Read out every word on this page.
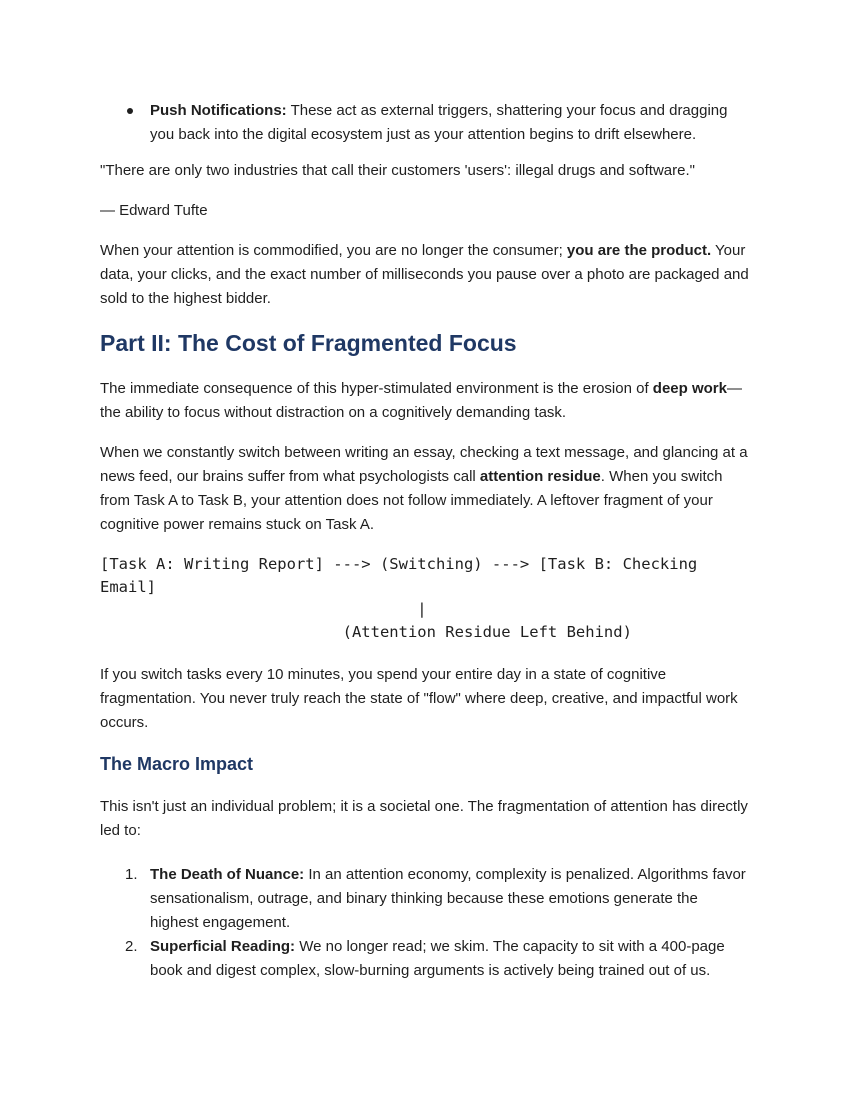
Push Notifications: These act as external triggers, shattering your focus and dragging you back into the digital ecosystem just as your attention begins to drift elsewhere.

"There are only two industries that call their customers 'users': illegal drugs and software."

— Edward Tufte

When your attention is commodified, you are no longer the consumer; you are the product. Your data, your clicks, and the exact number of milliseconds you pause over a photo are packaged and sold to the highest bidder.

Part II: The Cost of Fragmented Focus

The immediate consequence of this hyper-stimulated environment is the erosion of deep work—the ability to focus without distraction on a cognitively demanding task.

When we constantly switch between writing an essay, checking a text message, and glancing at a news feed, our brains suffer from what psychologists call attention residue. When you switch from Task A to Task B, your attention does not follow immediately. A leftover fragment of your cognitive power remains stuck on Task A.

[Task A: Writing Report] ---> (Switching) ---> [Task B: Checking
Email]
|
(Attention Residue Left Behind)

If you switch tasks every 10 minutes, you spend your entire day in a state of cognitive fragmentation. You never truly reach the state of "flow" where deep, creative, and impactful work occurs.

The Macro Impact

This isn't just an individual problem; it is a societal one. The fragmentation of attention has directly led to:

1. The Death of Nuance: In an attention economy, complexity is penalized. Algorithms favor sensationalism, outrage, and binary thinking because these emotions generate the highest engagement.
2. Superficial Reading: We no longer read; we skim. The capacity to sit with a 400-page book and digest complex, slow-burning arguments is actively being trained out of us.
